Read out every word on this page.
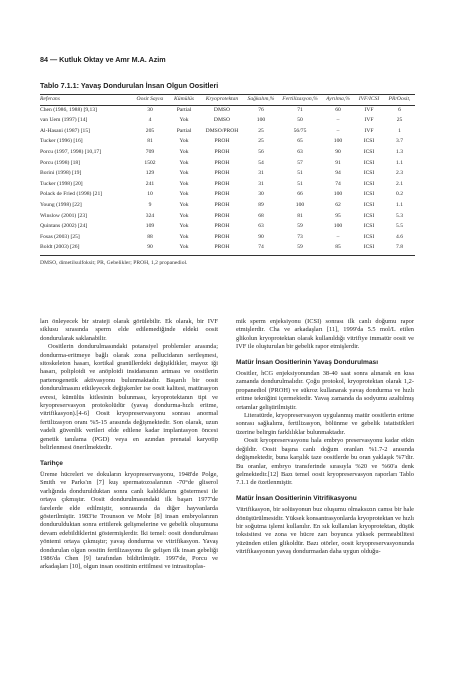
84 — Kutluk Oktay ve Amr M.A. Azim
Tablo 7.1.1: Yavaş Dondurulan İnsan Olgun Oositleri
Referans	Oosit Sayısı	Kümülüs	Kryoprotektan	Sağkalım,%	Fertilizasyon,%	Ayrılma,%	IVF/ICSI	PR/Oosit,
Chen (1986, 1988) [9,13]	30	Partial	DMSO	76	71	60	IVF	6
van Uem (1997) [14]	4	Yok	DMSO	100	50	–	IVF	25
Al-Hasani (1987) [15]	205	Partial	DMSO/PROH	25	56/75	–	IVF	1
Tucker (1996) [16]	81	Yok	PROH	25	65	100	ICSI	3.7
Porcu (1997, 1998) [10,17]	709	Yok	PROH	56	63	90	ICSI	1.3
Porcu (1998) [18]	1502	Yok	PROH	54	57	91	ICSI	1.1
Borini (1998) [19]	129	Yok	PROH	31	51	94	ICSI	2.3
Tucker (1998) [20]	241	Yok	PROH	31	51	74	ICSI	2.1
Polack de Fried (1998) [21]	10	Yok	PROH	30	66	100	ICSI	0.2
Young (1998) [22]	9	Yok	PROH	89	100	62	ICSI	1.1
Winslow (2001) [23]	324	Yok	PROH	68	81	95	ICSI	5.3
Quintans (2002) [24]	109	Yok	PROH	63	59	100	ICSI	5.5
Fosas (2003) [25]	88	Yok	PROH	90	73	–	ICSI	4.6
Boldt (2003) [26]	90	Yok	PROH	74	59	85	ICSI	7.8
DMSO, dimetilsulfoksit; PR, Gebelikler; PROH, 1,2 propanediol.

ları önleyecek bir strateji olarak görülebilir. Ek olarak, bir IVF siklusu sırasında sperm elde edilemediğinde eldeki oosit dondurularak saklanabilir.

Oositlerin dondurulmasındaki potansiyel problemler arasında; dondurma-eritmeye bağlı olarak zona pellucidanın sertleşmesi, sitoskeleton hasarı, kortikal granüllerdeki değişiklikler, mayoz iği hasarı, poliploidi ve anöploidi insidansının artması ve oositlerin partenogenetik aktivasyonu bulunmaktadır. Başarılı bir oosit dondurulmasını etkileyecek değişkenler ise oosit kalitesi, matürasyon evresi, kümülüs kitlesinin bulunması, kryoprotektanın tipi ve kryopreservasyon protokolüdür (yavaş dondurma-hızlı eritme, vitrifikasyon).[4-6] Oosit kryopreservasyonu sonrası anormal fertilizasyon oranı %5-15 arasında değişmektedir. Son olarak, uzun vadeli güvenlik verileri elde edilene kadar implantasyon öncesi genetik tanılama (PGD) veya en azından prenatal karyotip belirlenmesi önerilmektedir.

Tarihçe

Üreme hücreleri ve dokuların kryopreservasyonu, 1948'de Polge, Smith ve Parks'ın [7] kuş spermatozoalarının -70°de gliserol varlığında dondurulduktan sonra canlı kaldıklarını göstermesi ile ortaya çıkmıştır. Oosit dondurulmasındaki ilk başarı 1977'de farelerde elde edilmiştir, sonrasında da diğer hayvanlarda gösterilmiştir. 1983'te Trounson ve Mohr [8] insan embryolarının dondurulduktan sonra eritilerek gelişmelerine ve gebelik oluşumuna devam edebildiklerini göstermişlerdir. İki temel: oosit dondurulması yöntemi ortaya çıkmıştır; yavaş dondurma ve vitrifikasyon. Yavaş dondurulan olgun oositin fertilizasyonu ile gelişen ilk insan gebeliği 1986'da Chen [9] tarafından bildirilmiştir. 1997'de, Porcu ve arkadaşları [10], olgun insan oositinin eritilmesi ve intrasitoplas-

mik sperm enjeksiyonu (ICSI) sonrası ilk canlı doğumu rapor etmişlerdir. Cha ve arkadaşları [11], 1999'da 5.5 mol/L etilen glikolun kryoprotektan olarak kullanıldığı vitrifiye immatür oosit ve IVF ile oluşturulan bir gebelik rapor etmişlerdir.

Matür İnsan Oositlerinin Yavaş Dondurulması

Oositler, hCG enjeksiyonundan 38-40 saat sonra alınarak en kısa zamanda dondurulmalıdır. Çoğu protokol, kryoprotektan olarak 1,2-propanediol (PROH) ve sükroz kullanarak yavaş dondurma ve hızlı eritme tekniğini içermektedir. Yavaş zamanda da sodyumu azaltılmış ortamlar geliştirilmiştir.

Literatürde, kryopreservasyon uygulanmış matür oositlerin eritme sonrası sağkalımı, fertilizasyon, bölünme ve gebelik istatistikleri üzerine belirgin farklılıklar bulunmaktadır.

Oosit kryopreservasyonu hala embryo preservasyonu kadar etkin değildir. Oosit başına canlı doğum oranları %1.7-2 arasında değişmektedir, buna karşılık taze oositlerde bu oran yaklaşık %7'dir. Bu oranlar, embryo transferinde sırasıyla %20 ve %60'a denk gelmektedir.[12] Bazı temel oosit kryopreservasyon raporları Tablo 7.1.1 de özetlenmiştir.

Matür İnsan Oositlerinin Vitrifikasyonu

Vitrifikasyon, bir solüsyonun buz oluşumu olmaksızın camsı bir hale dönüştürülmesidir. Yüksek konsantrasyonlarda kryoprotektan ve hızlı bir soğutma işlemi kullanılır. En sık kullanılan kryoprotektan, düşük toksisitesi ve zona ve hücre zarı boyunca yüksek permeabilitesi yüzünden etilen glikoldür. Bazı otörler, oosit kryopreservasyonunda vitrifikasyonun yavaş dondurmadan daha uygun olduğu-
